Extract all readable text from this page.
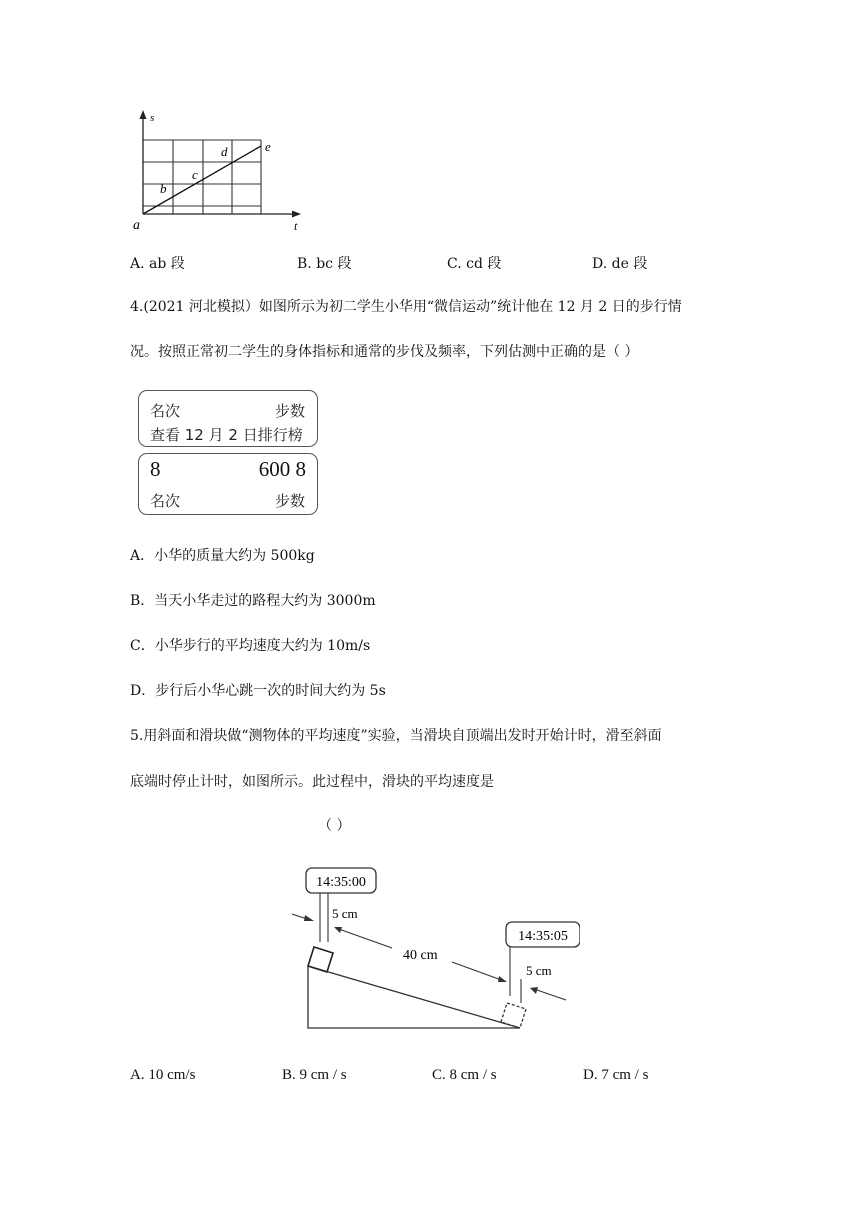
s
t
a
b
c
d	e
A. ab 段	B. bc 段	C. cd 段	D. de 段
4.(2021 河北模拟）如图所示为初二学生小华用“微信运动”统计他在 12 月 2 日的步行情
况。按照正常初二学生的身体指标和通常的步伐及频率，下列估测中正确的是（ ）
名次	步数
查看 12 月 2 日排行榜
8	600 8
名次	步数
A．小华的质量大约为 500kg
B．当天小华走过的路程大约为 3000m
C．小华步行的平均速度大约为 10m/s
D．步行后小华心跳一次的时间大约为 5s
5.用斜面和滑块做“测物体的平均速度”实验，当滑块自顶端出发时开始计时，滑至斜面
底端时停止计时，如图所示。此过程中，滑块的平均速度是
（ ）
14:35:00
14:35:05
5 cm
40 cm
5 cm
A. 10 cm/s	B. 9 cm / s	C. 8 cm / s	D. 7 cm / s
